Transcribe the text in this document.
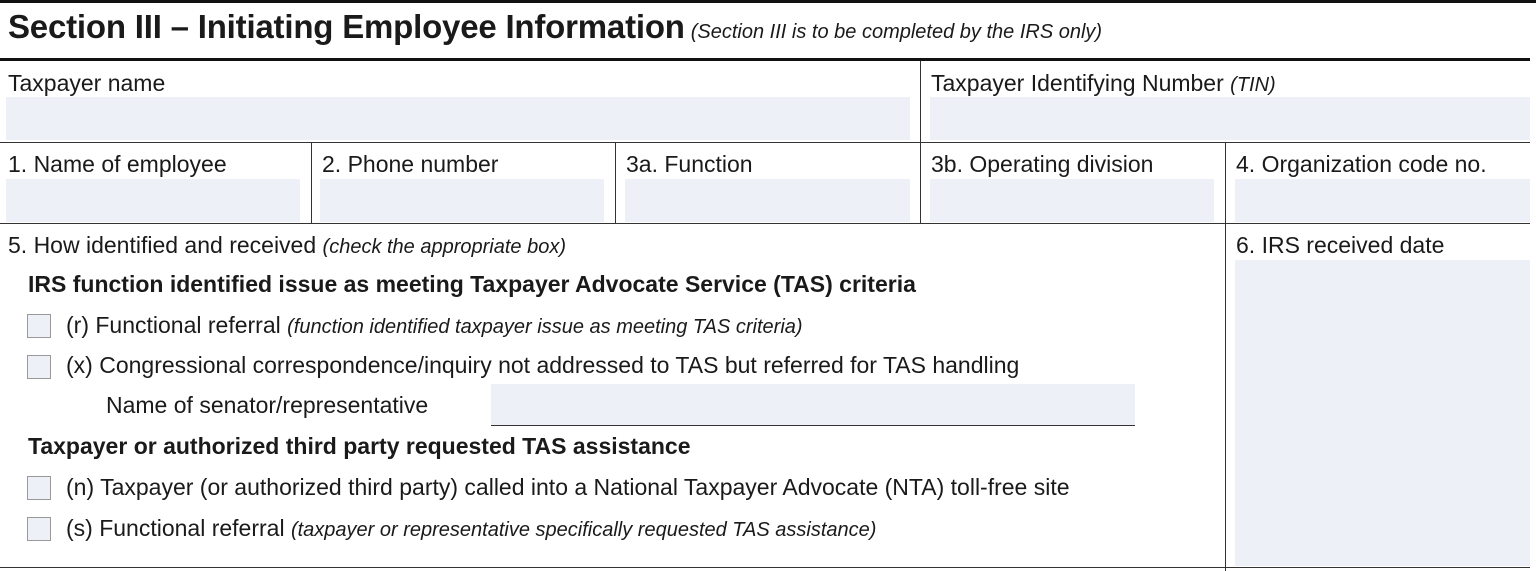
Section III – Initiating Employee Information (Section III is to be completed by the IRS only)
Taxpayer name	Taxpayer Identifying Number (TIN)
1. Name of employee	2. Phone number	3a. Function	3b. Operating division	4. Organization code no.
5. How identified and received (check the appropriate box)	6. IRS received date
IRS function identified issue as meeting Taxpayer Advocate Service (TAS) criteria
(r) Functional referral (function identified taxpayer issue as meeting TAS criteria)
(x) Congressional correspondence/inquiry not addressed to TAS but referred for TAS handling
Name of senator/representative
Taxpayer or authorized third party requested TAS assistance
(n) Taxpayer (or authorized third party) called into a National Taxpayer Advocate (NTA) toll-free site
(s) Functional referral (taxpayer or representative specifically requested TAS assistance)
